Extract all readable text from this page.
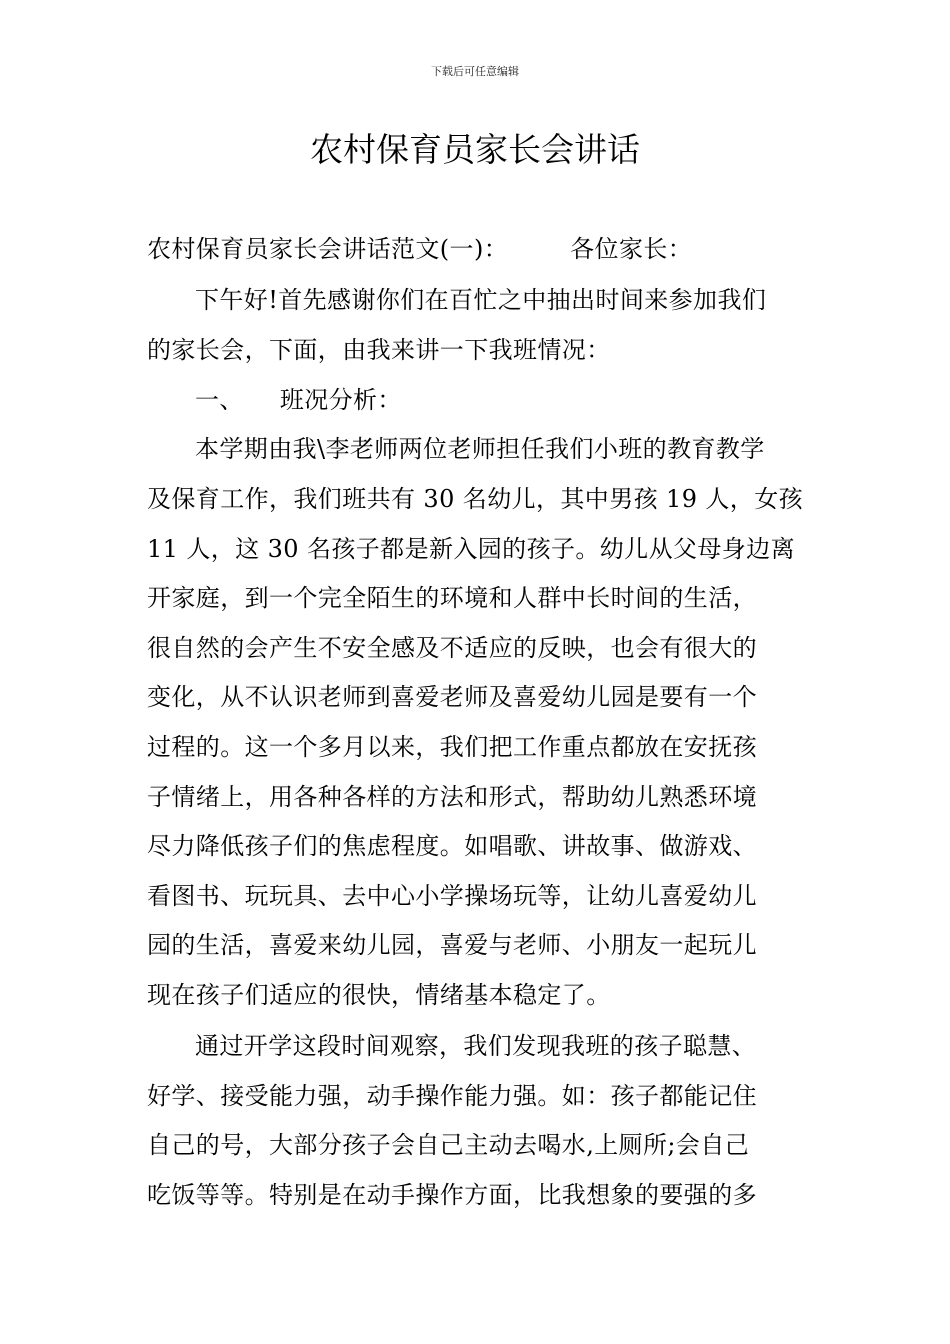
下载后可任意编辑
农村保育员家长会讲话
农村保育员家长会讲话范文(一)：	各位家长：
下午好!首先感谢你们在百忙之中抽出时间来参加我们
的家长会，下面，由我来讲一下我班情况：
一、 班况分析：
本学期由我\李老师两位老师担任我们小班的教育教学
及保育工作，我们班共有 30 名幼儿，其中男孩 19 人，女孩
11 人，这 30 名孩子都是新入园的孩子。幼儿从父母身边离
开家庭，到一个完全陌生的环境和人群中长时间的生活，
很自然的会产生不安全感及不适应的反映，也会有很大的
变化，从不认识老师到喜爱老师及喜爱幼儿园是要有一个
过程的。这一个多月以来，我们把工作重点都放在安抚孩
子情绪上，用各种各样的方法和形式，帮助幼儿熟悉环境
尽力降低孩子们的焦虑程度。如唱歌、讲故事、做游戏、
看图书、玩玩具、去中心小学操场玩等，让幼儿喜爱幼儿
园的生活，喜爱来幼儿园，喜爱与老师、小朋友一起玩儿
现在孩子们适应的很快，情绪基本稳定了。
通过开学这段时间观察，我们发现我班的孩子聪慧、
好学、接受能力强，动手操作能力强。如：孩子都能记住
自己的号，大部分孩子会自己主动去喝水,上厕所;会自己
吃饭等等。特别是在动手操作方面，比我想象的要强的多
